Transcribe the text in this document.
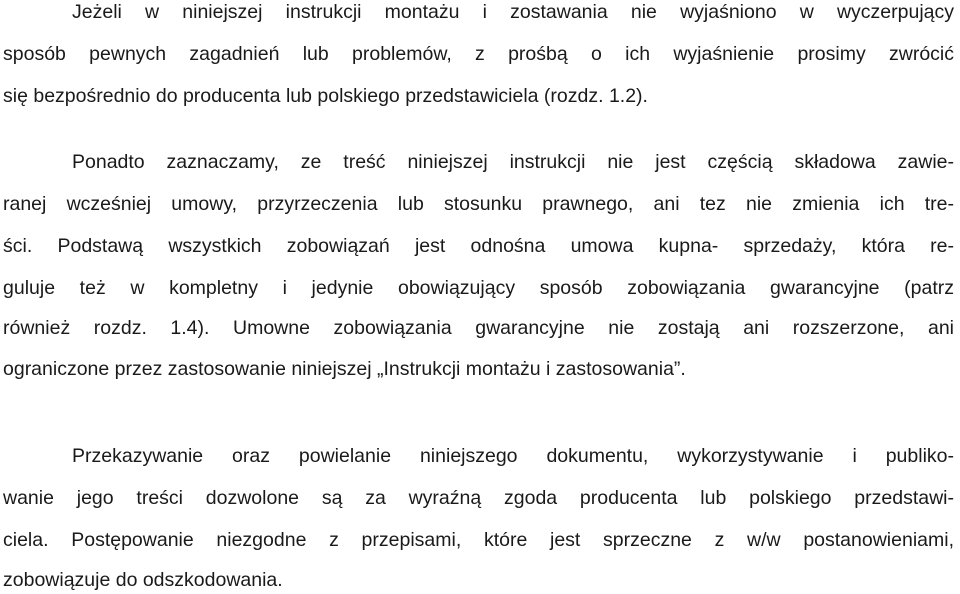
Jeżeli w niniejszej instrukcji montażu i zostawania nie wyjaśniono w wyczerpujący
sposób pewnych zagadnień lub problemów, z prośbą o ich wyjaśnienie prosimy zwrócić
się bezpośrednio do producenta lub polskiego przedstawiciela (rozdz. 1.2).
Ponadto zaznaczamy, ze treść niniejszej instrukcji nie jest częścią składowa zawie-
ranej wcześniej umowy, przyrzeczenia lub stosunku prawnego, ani tez nie zmienia ich tre-
ści. Podstawą wszystkich zobowiązań jest odnośna umowa kupna- sprzedaży, która re-
guluje też w kompletny i jedynie obowiązujący sposób zobowiązania gwarancyjne (patrz
również rozdz. 1.4). Umowne zobowiązania gwarancyjne nie zostają ani rozszerzone, ani
ograniczone przez zastosowanie niniejszej „Instrukcji montażu i zastosowania”.
Przekazywanie oraz powielanie niniejszego dokumentu, wykorzystywanie i publiko-
wanie jego treści dozwolone są za wyraźną zgoda producenta lub polskiego przedstawi-
ciela. Postępowanie niezgodne z przepisami, które jest sprzeczne z w/w postanowieniami,
zobowiązuje do odszkodowania.
